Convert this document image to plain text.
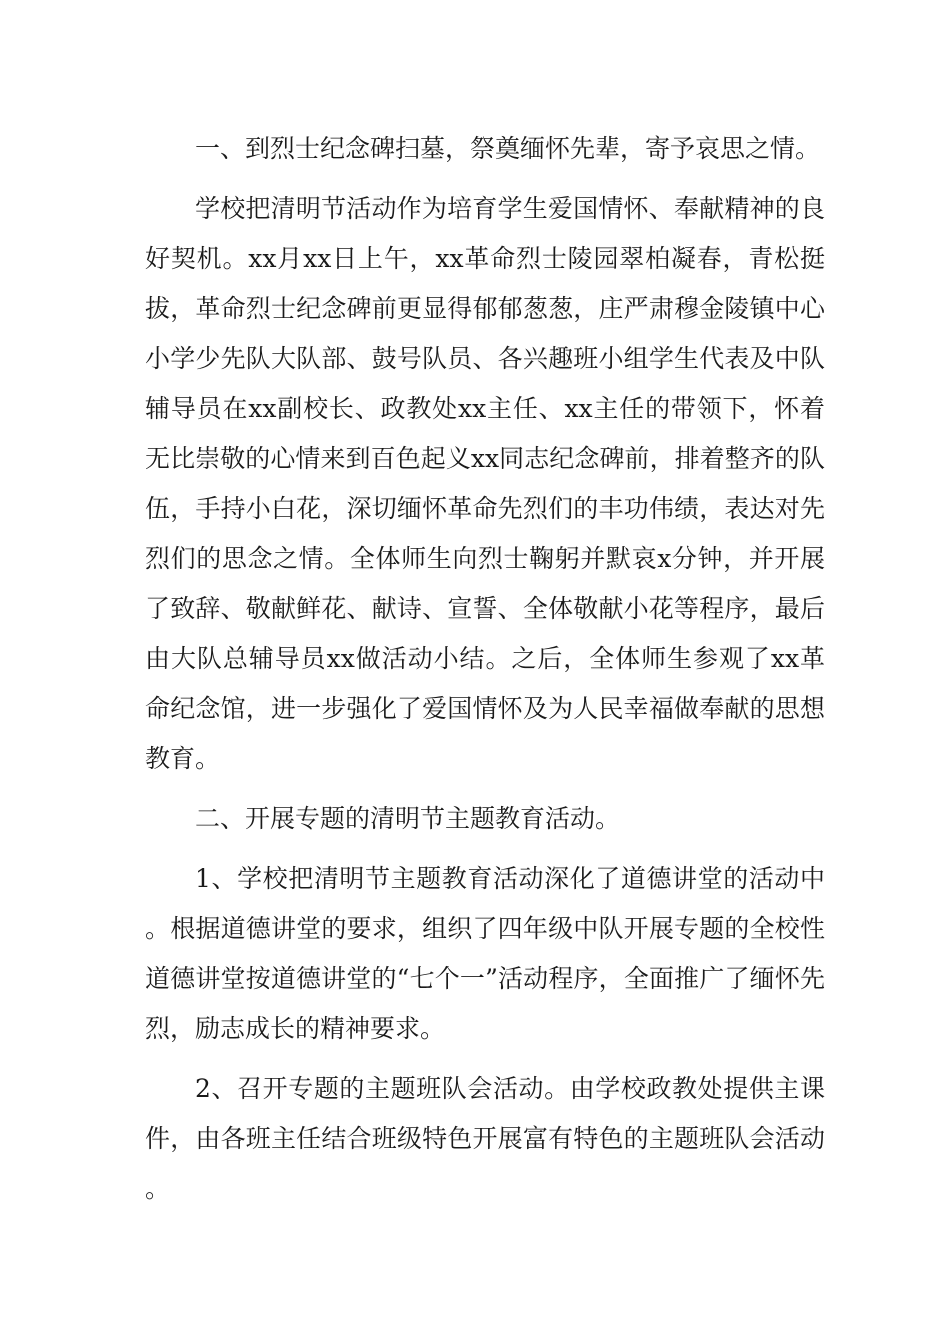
一、到烈士纪念碑扫墓，祭奠缅怀先辈，寄予哀思之情。

学校把清明节活动作为培育学生爱国情怀、奉献精神的良好契机。xx月xx日上午，xx革命烈士陵园翠柏凝春，青松挺拔，革命烈士纪念碑前更显得郁郁葱葱，庄严肃穆金陵镇中心小学少先队大队部、鼓号队员、各兴趣班小组学生代表及中队辅导员在xx副校长、政教处xx主任、xx主任的带领下，怀着无比崇敬的心情来到百色起义xx同志纪念碑前，排着整齐的队伍，手持小白花，深切缅怀革命先烈们的丰功伟绩，表达对先烈们的思念之情。全体师生向烈士鞠躬并默哀x分钟，并开展了致辞、敬献鲜花、献诗、宣誓、全体敬献小花等程序，最后由大队总辅导员xx做活动小结。之后，全体师生参观了xx革命纪念馆，进一步强化了爱国情怀及为人民幸福做奉献的思想教育。

二、开展专题的清明节主题教育活动。

1、学校把清明节主题教育活动深化了道德讲堂的活动中。根据道德讲堂的要求，组织了四年级中队开展专题的全校性道德讲堂按道德讲堂的“七个一”活动程序，全面推广了缅怀先烈，励志成长的精神要求。

2、召开专题的主题班队会活动。由学校政教处提供主课件，由各班主任结合班级特色开展富有特色的主题班队会活动。
